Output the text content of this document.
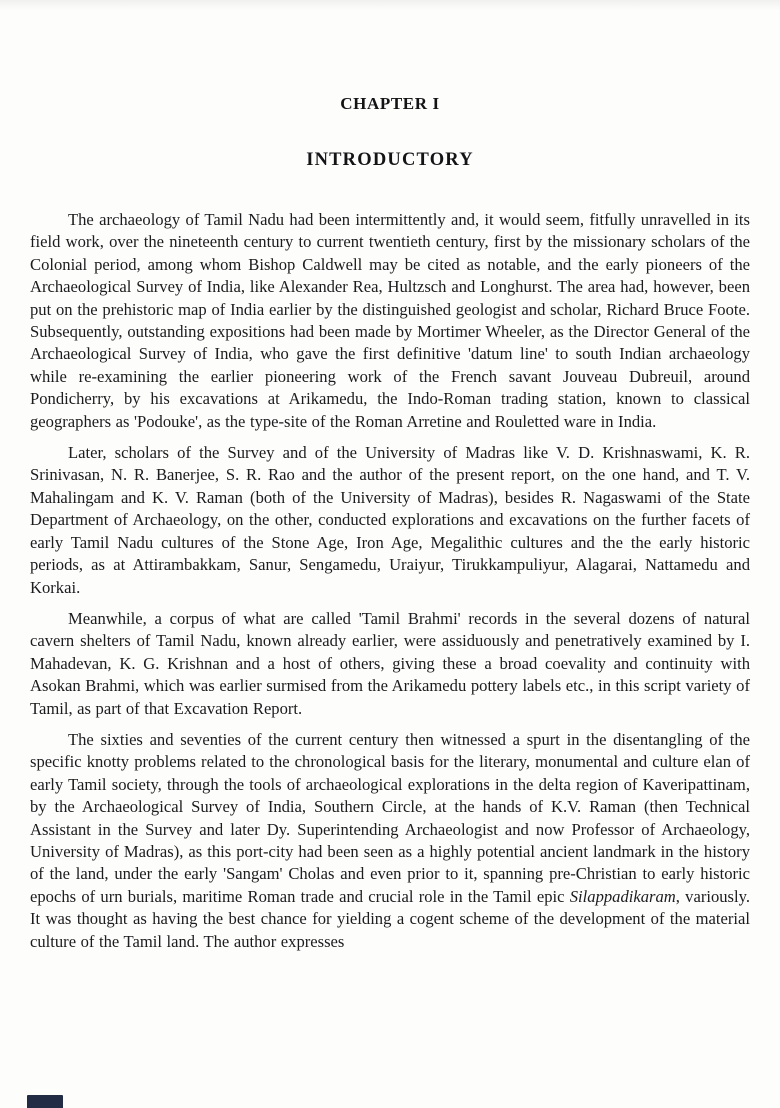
CHAPTER I
INTRODUCTORY

The archaeology of Tamil Nadu had been intermittently and, it would seem, fitfully unravelled in its field work, over the nineteenth century to current twentieth century, first by the missionary scholars of the Colonial period, among whom Bishop Caldwell may be cited as notable, and the early pioneers of the Archaeological Survey of India, like Alexander Rea, Hultzsch and Longhurst. The area had, however, been put on the prehistoric map of India earlier by the distinguished geologist and scholar, Richard Bruce Foote. Subsequently, outstanding expositions had been made by Mortimer Wheeler, as the Director General of the Archaeological Survey of India, who gave the first definitive 'datum line' to south Indian archaeology while re-examining the earlier pioneering work of the French savant Jouveau Dubreuil, around Pondicherry, by his excavations at Arikamedu, the Indo-Roman trading station, known to classical geographers as 'Podouke', as the type-site of the Roman Arretine and Rouletted ware in India.

Later, scholars of the Survey and of the University of Madras like V. D. Krishnaswami, K. R. Srinivasan, N. R. Banerjee, S. R. Rao and the author of the present report, on the one hand, and T. V. Mahalingam and K. V. Raman (both of the University of Madras), besides R. Nagaswami of the State Department of Archaeology, on the other, conducted explorations and excavations on the further facets of early Tamil Nadu cultures of the Stone Age, Iron Age, Megalithic cultures and the the early historic periods, as at Attirambakkam, Sanur, Sengamedu, Uraiyur, Tirukkampuliyur, Alagarai, Nattamedu and Korkai.

Meanwhile, a corpus of what are called 'Tamil Brahmi' records in the several dozens of natural cavern shelters of Tamil Nadu, known already earlier, were assiduously and penetratively examined by I. Mahadevan, K. G. Krishnan and a host of others, giving these a broad coevality and continuity with Asokan Brahmi, which was earlier surmised from the Arikamedu pottery labels etc., in this script variety of Tamil, as part of that Excavation Report.

The sixties and seventies of the current century then witnessed a spurt in the disentangling of the specific knotty problems related to the chronological basis for the literary, monumental and culture elan of early Tamil society, through the tools of archaeological explorations in the delta region of Kaveripattinam, by the Archaeological Survey of India, Southern Circle, at the hands of K.V. Raman (then Technical Assistant in the Survey and later Dy. Superintending Archaeologist and now Professor of Archaeology, University of Madras), as this port-city had been seen as a highly potential ancient landmark in the history of the land, under the early 'Sangam' Cholas and even prior to it, spanning pre-Christian to early historic epochs of urn burials, maritime Roman trade and crucial role in the Tamil epic Silappadikaram, variously. It was thought as having the best chance for yielding a cogent scheme of the development of the material culture of the Tamil land. The author expresses
